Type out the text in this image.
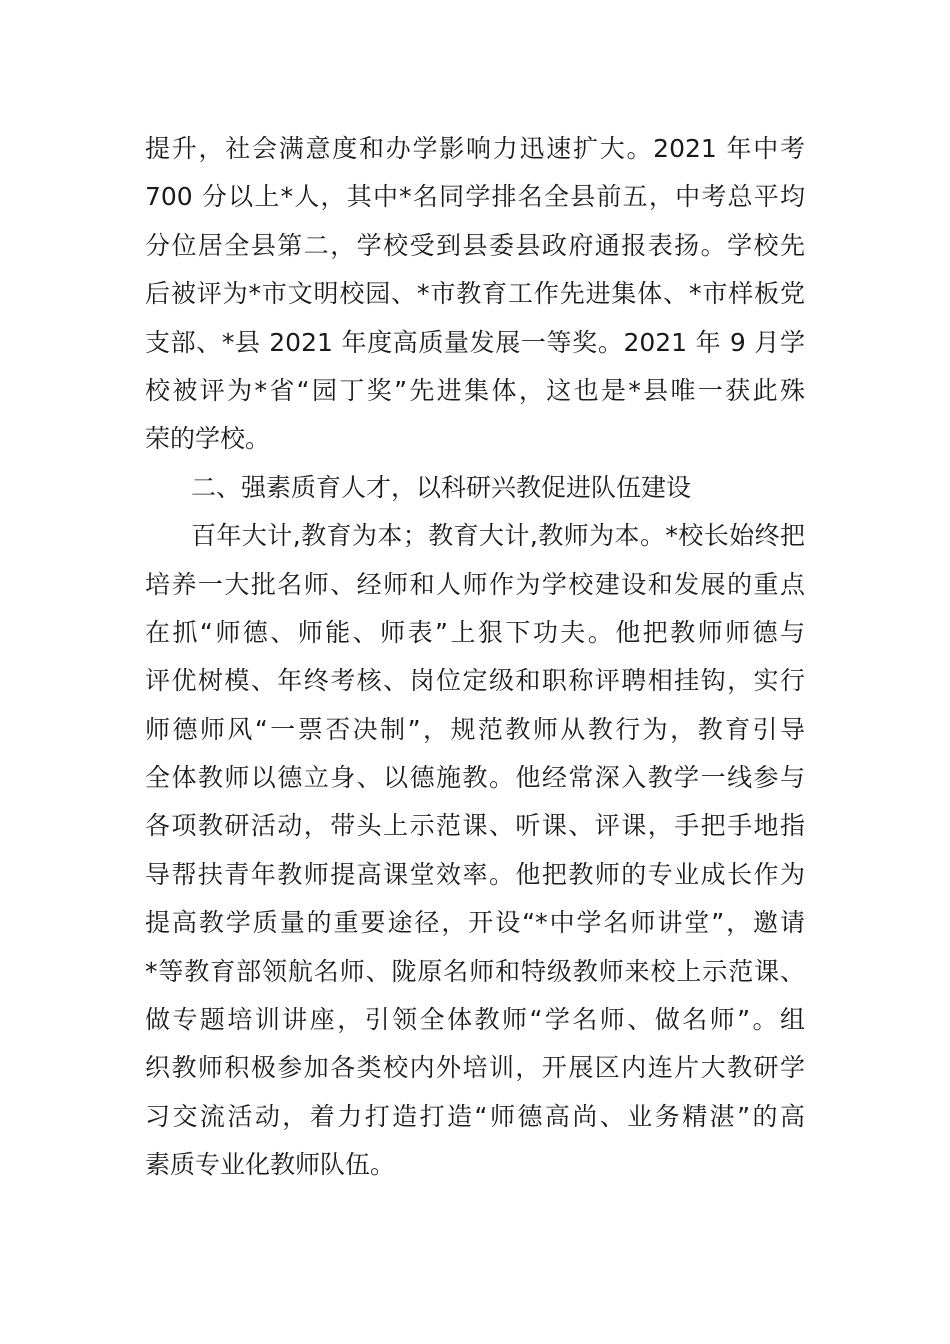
提升，社会满意度和办学影响力迅速扩大。2021 年中考
700 分以上*人，其中*名同学排名全县前五，中考总平均
分位居全县第二，学校受到县委县政府通报表扬。学校先
后被评为*市文明校园、*市教育工作先进集体、*市样板党
支部、*县 2021 年度高质量发展一等奖。2021 年 9 月学
校被评为*省“园丁奖”先进集体，这也是*县唯一获此殊
荣的学校。
二、强素质育人才，以科研兴教促进队伍建设
百年大计,教育为本；教育大计,教师为本。*校长始终把
培养一大批名师、经师和人师作为学校建设和发展的重点
在抓“师德、师能、师表”上狠下功夫。他把教师师德与
评优树模、年终考核、岗位定级和职称评聘相挂钩，实行
师德师风“一票否决制”，规范教师从教行为，教育引导
全体教师以德立身、以德施教。他经常深入教学一线参与
各项教研活动，带头上示范课、听课、评课，手把手地指
导帮扶青年教师提高课堂效率。他把教师的专业成长作为
提高教学质量的重要途径，开设“*中学名师讲堂”，邀请
*等教育部领航名师、陇原名师和特级教师来校上示范课、
做专题培训讲座，引领全体教师“学名师、做名师”。组
织教师积极参加各类校内外培训，开展区内连片大教研学
习交流活动，着力打造打造“师德高尚、业务精湛”的高
素质专业化教师队伍。
